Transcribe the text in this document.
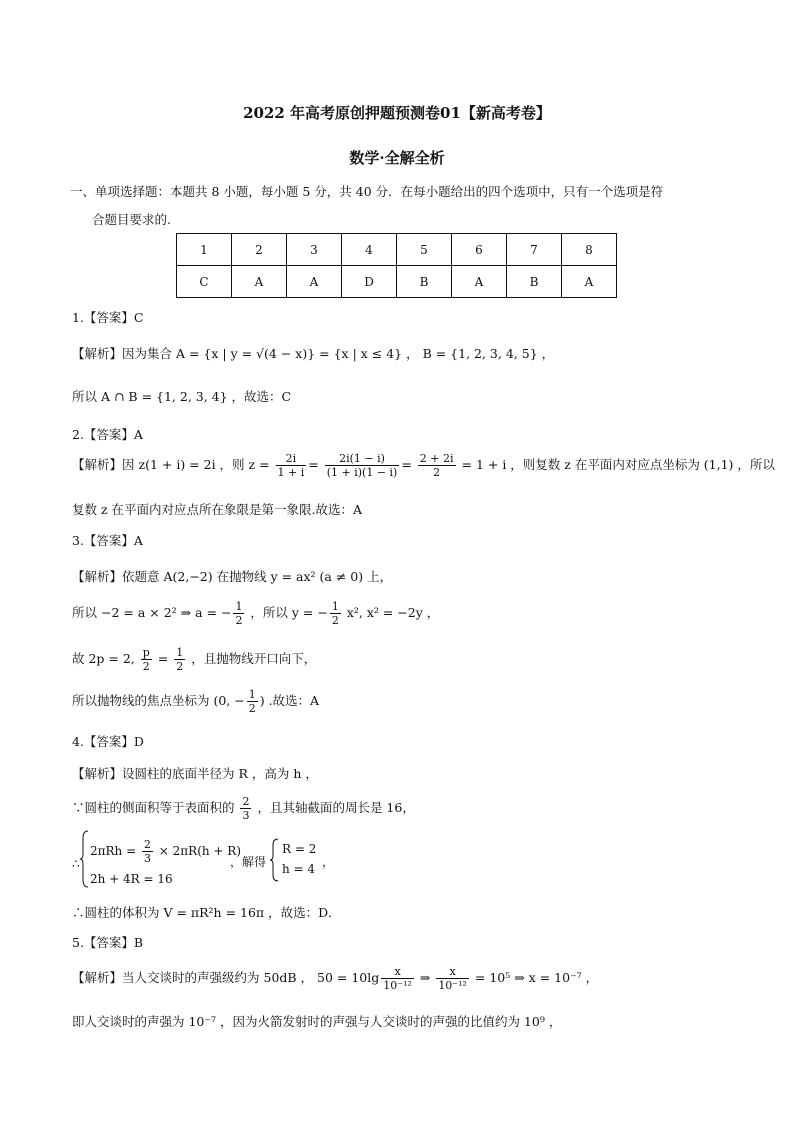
2022 年高考原创押题预测卷01【新高考卷】
数学·全解全析
一、单项选择题：本题共 8 小题，每小题 5 分，共 40 分．在每小题给出的四个选项中，只有一个选项是符
合题目要求的.
1	2	3	4	5	6	7	8
C	A	A	D	B	A	B	A
1.【答案】C
【解析】因为集合 A = {x | y = √(4 − x)} = {x | x ≤ 4} ， B = {1, 2, 3, 4, 5} ，
所以 A ∩ B = {1, 2, 3, 4} ，故选：C
2.【答案】A
【解析】因 z(1 + i) = 2i ，则 $z = \frac{2i}{1 + i} = \frac{2i(1 - i)}{(1 + i)(1 - i)} = \frac{2 + 2i}{2} = 1 + i$ ，则复数 z 在平面内对应点坐标为 (1,1) ，所以
复数 z 在平面内对应点所在象限是第一象限.故选：A
3.【答案】A
【解析】依题意 A(2,−2) 在抛物线 y = ax² (a ≠ 0) 上，
所以 −2 = a × 2² ⇒ a = − $\frac{1}{2}$ ，所以 y = − $\frac{1}{2} x^2$, x² = −2y ，
故 2p = 2, $\frac{p}{2} = \frac{1}{2}$ ，且抛物线开口向下，
所以抛物线的焦点坐标为 (0, − $\frac{1}{2}$ ) .故选：A
4.【答案】D
【解析】设圆柱的底面半径为 R ，高为 h ，
∵圆柱的侧面积等于表面积的 $\frac{2}{3}$ ，且其轴截面的周长是 16，
∴
$2\pi Rh = \frac{2}{3} \times 2\pi R(h + R)$
2h + 4R = 16
，解得
R = 2
h = 4 ，
∴圆柱的体积为 V = πR²h = 16π ，故选：D．
5.【答案】B
【解析】当人交谈时的声强级约为 50dB ， $50 = 10\lg \frac{x}{\text{10⁻¹²}}$ ⇒ $\frac{x}{\text{10⁻¹²}} = 10^5$ ⇒ x = 10⁻⁷ ，
即人交谈时的声强为 10⁻⁷ ，因为火箭发射时的声强与人交谈时的声强的比值约为 10⁹ ，
